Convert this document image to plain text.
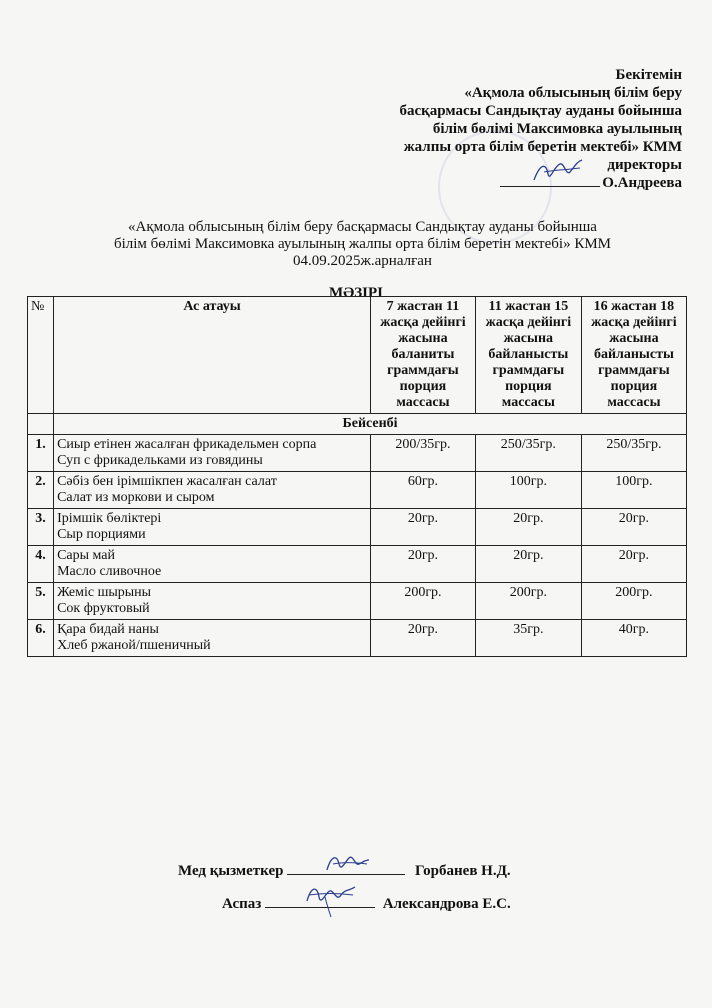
Бекітемін
«Ақмола облысының білім беру
басқармасы Сандықтау ауданы бойынша
білім бөлімі Максимовка ауылының
жалпы орта білім беретін мектебі» КММ
директоры
О.Андреева
«Ақмола облысының білім беру басқармасы Сандықтау ауданы бойынша
білім бөлімі Максимовка ауылының жалпы орта білім беретін мектебі» КММ
04.09.2025ж.арналған
МӘЗІРІ
№	Ас атауы	7 жастан 11 жасқа дейінгі жасына баланиты граммдағы порция массасы	11 жастан 15 жасқа дейінгі жасына байланысты граммдағы порция массасы	16 жастан 18 жасқа дейінгі жасына байланысты граммдағы порция массасы
	Бейсенбі			
1.	Сиыр етінен жасалған фрикадельмен сорпа
Суп с фрикадельками из говядины	200/35гр.	250/35гр.	250/35гр.
2.	Сәбіз бен ірімшікпен жасалған салат
Салат из моркови и сыром	60гр.	100гр.	100гр.
3.	Ірімшік бөліктері
Сыр порциями	20гр.	20гр.	20гр.
4.	Сары май
Масло сливочное	20гр.	20гр.	20гр.
5.	Жеміс шырыны
Сок фруктовый	200гр.	200гр.	200гр.
6.	Қара бидай наны
Хлеб ржаной/пшеничный	20гр.	35гр.	40гр.
Мед қызметкер	Горбанев Н.Д.
Аспаз	Александрова Е.С.
